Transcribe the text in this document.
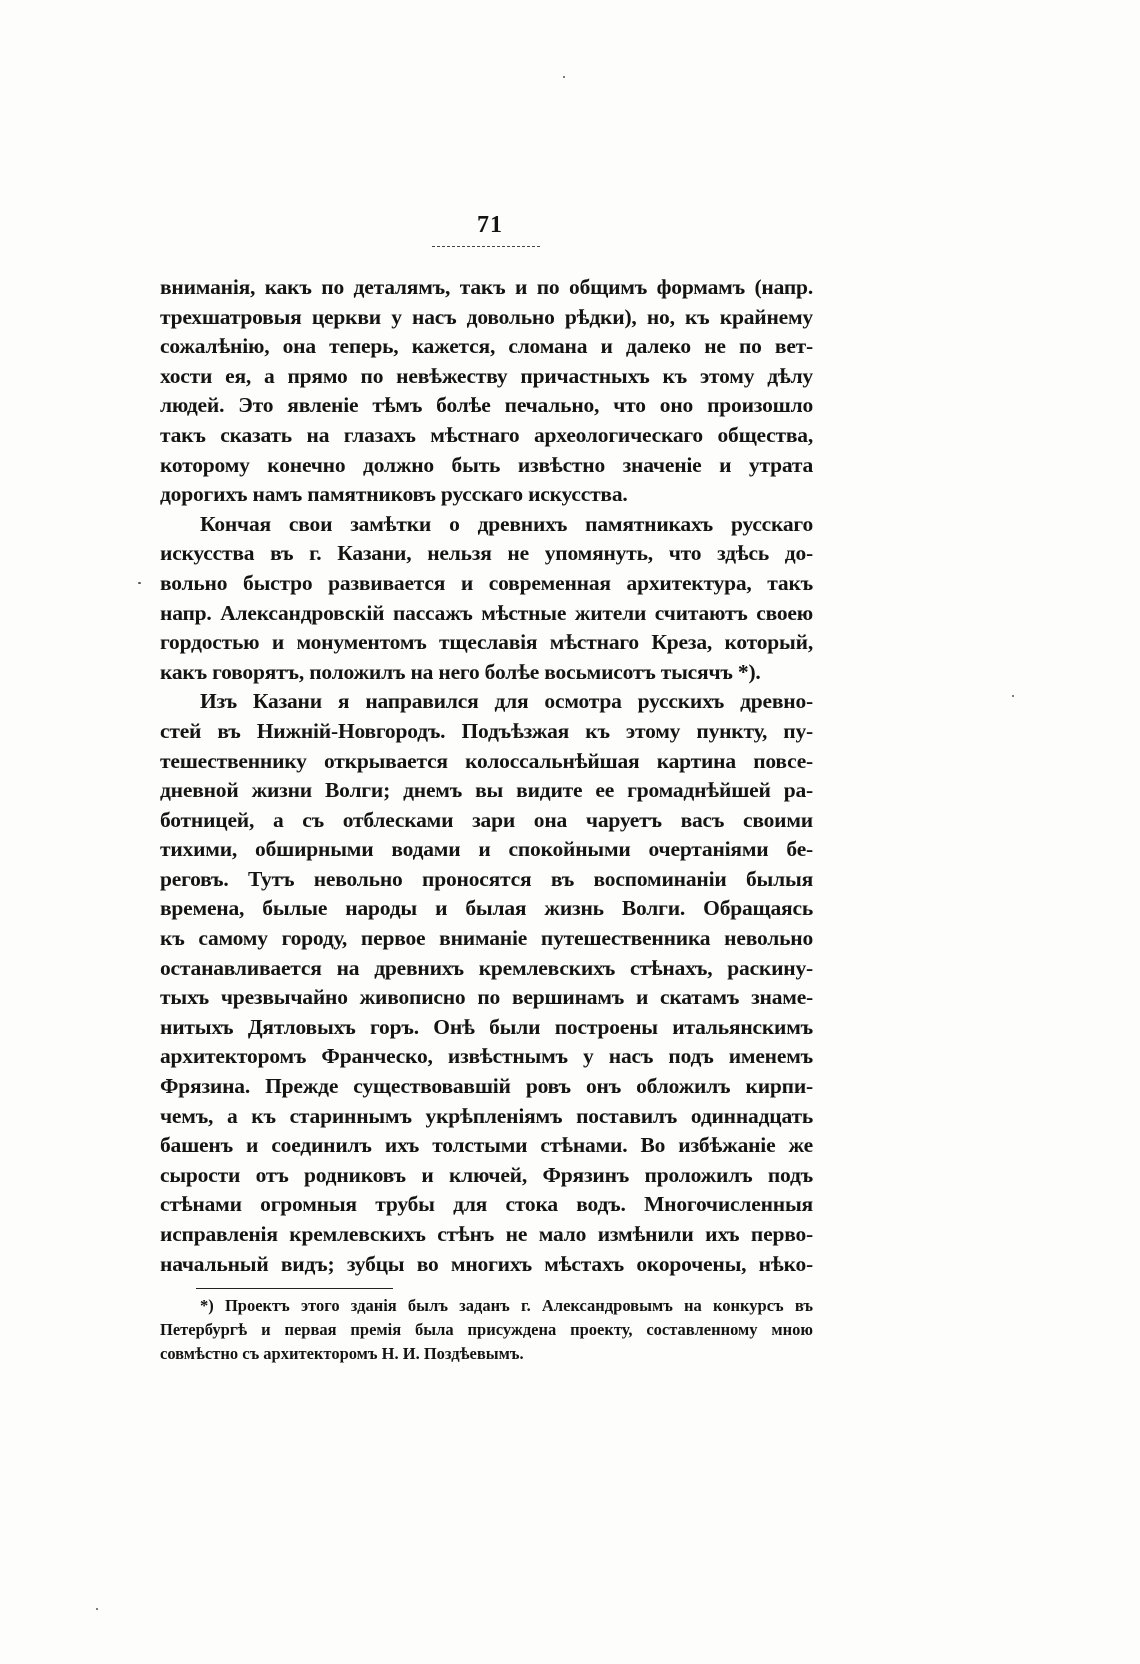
71
вниманія, какъ по деталямъ, такъ и по общимъ формамъ (напр.
трехшатровыя церкви у насъ довольно рѣдки), но, къ крайнему
сожалѣнію, она теперь, кажется, сломана и далеко не по вет-
хости ея, а прямо по невѣжеству причастныхъ къ этому дѣлу
людей. Это явленіе тѣмъ болѣе печально, что оно произошло
такъ сказать на глазахъ мѣстнаго археологическаго общества,
которому конечно должно быть извѣстно значеніе и утрата
дорогихъ намъ памятниковъ русскаго искусства.
Кончая свои замѣтки о древнихъ памятникахъ русскаго
искусства въ г. Казани, нельзя не упомянуть, что здѣсь до-
вольно быстро развивается и современная архитектура, такъ
напр. Александровскій пассажъ мѣстные жители считаютъ своею
гордостью и монументомъ тщеславія мѣстнаго Креза, который,
какъ говорятъ, положилъ на него болѣе восьмисотъ тысячъ *).
Изъ Казани я направился для осмотра русскихъ древно-
стей въ Нижній-Новгородъ. Подъѣзжая къ этому пункту, пу-
тешественнику открывается колоссальнѣйшая картина повсе-
дневной жизни Волги; днемъ вы видите ее громаднѣйшей ра-
ботницей, а съ отблесками зари она чаруетъ васъ своими
тихими, обширными водами и спокойными очертаніями бе-
реговъ. Тутъ невольно проносятся въ воспоминаніи былыя
времена, былые народы и былая жизнь Волги. Обращаясь
къ самому городу, первое вниманіе путешественника невольно
останавливается на древнихъ кремлевскихъ стѣнахъ, раскину-
тыхъ чрезвычайно живописно по вершинамъ и скатамъ знаме-
нитыхъ Дятловыхъ горъ. Онѣ были построены итальянскимъ
архитекторомъ Франческо, извѣстнымъ у насъ подъ именемъ
Фрязина. Прежде существовавшій ровъ онъ обложилъ кирпи-
чемъ, а къ стариннымъ укрѣпленіямъ поставилъ одиннадцать
башенъ и соединилъ ихъ толстыми стѣнами. Во избѣжаніе же
сырости отъ родниковъ и ключей, Фрязинъ проложилъ подъ
стѣнами огромныя трубы для стока водъ. Многочисленныя
исправленія кремлевскихъ стѣнъ не мало измѣнили ихъ перво-
начальный видъ; зубцы во многихъ мѣстахъ окорочены, нѣко-
*) Проектъ этого зданія былъ заданъ г. Александровымъ на конкурсъ въ
Петербургѣ и первая премія была присуждена проекту, составленному мною
совмѣстно съ архитекторомъ Н. И. Поздѣевымъ.
